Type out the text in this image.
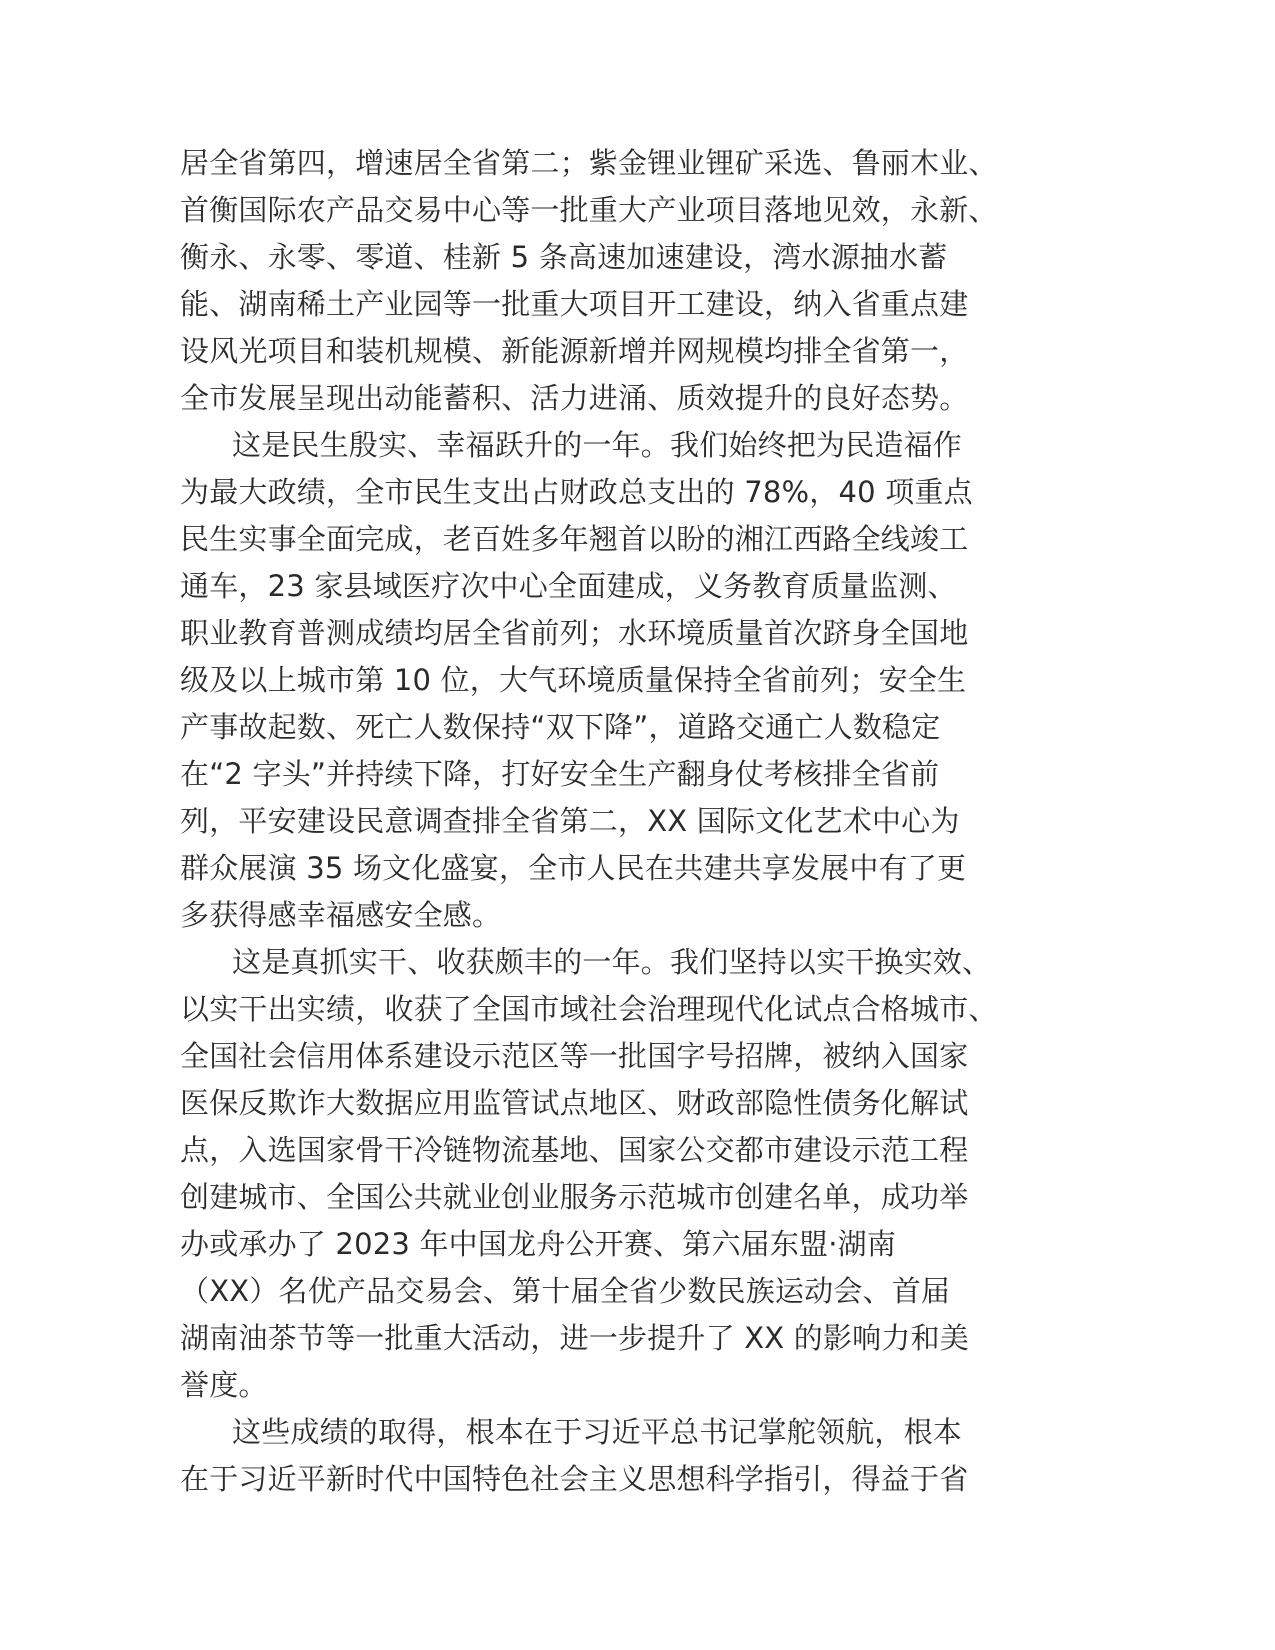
居全省第四，增速居全省第二；紫金锂业锂矿采选、鲁丽木业、
首衡国际农产品交易中心等一批重大产业项目落地见效，永新、
衡永、永零、零道、桂新 5 条高速加速建设，湾水源抽水蓄
能、湖南稀土产业园等一批重大项目开工建设，纳入省重点建
设风光项目和装机规模、新能源新增并网规模均排全省第一，
全市发展呈现出动能蓄积、活力进涌、质效提升的良好态势。
这是民生殷实、幸福跃升的一年。我们始终把为民造福作
为最大政绩，全市民生支出占财政总支出的 78%，40 项重点
民生实事全面完成，老百姓多年翘首以盼的湘江西路全线竣工
通车，23 家县域医疗次中心全面建成，义务教育质量监测、
职业教育普测成绩均居全省前列；水环境质量首次跻身全国地
级及以上城市第 10 位，大气环境质量保持全省前列；安全生
产事故起数、死亡人数保持“双下降”，道路交通亡人数稳定
在“2 字头”并持续下降，打好安全生产翻身仗考核排全省前
列，平安建设民意调查排全省第二，XX 国际文化艺术中心为
群众展演 35 场文化盛宴，全市人民在共建共享发展中有了更
多获得感幸福感安全感。
这是真抓实干、收获颇丰的一年。我们坚持以实干换实效、
以实干出实绩，收获了全国市域社会治理现代化试点合格城市、
全国社会信用体系建设示范区等一批国字号招牌，被纳入国家
医保反欺诈大数据应用监管试点地区、财政部隐性债务化解试
点，入选国家骨干冷链物流基地、国家公交都市建设示范工程
创建城市、全国公共就业创业服务示范城市创建名单，成功举
办或承办了 2023 年中国龙舟公开赛、第六届东盟·湖南
（XX）名优产品交易会、第十届全省少数民族运动会、首届
湖南油茶节等一批重大活动，进一步提升了 XX 的影响力和美
誉度。
这些成绩的取得，根本在于习近平总书记掌舵领航，根本
在于习近平新时代中国特色社会主义思想科学指引，得益于省
